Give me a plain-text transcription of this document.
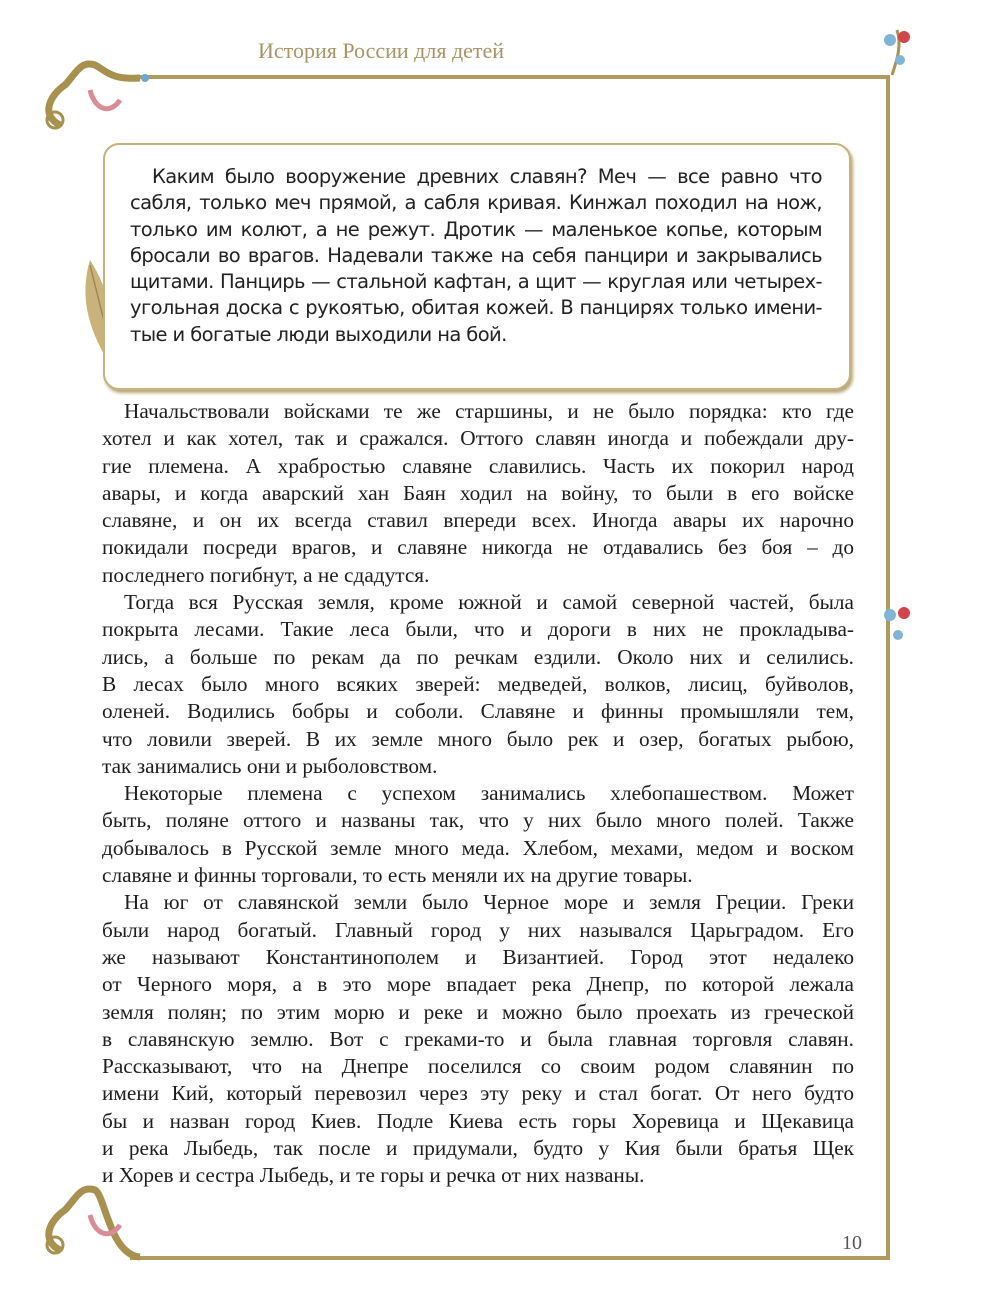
История России для детей
Каким было вооружение древних славян? Меч — все равно что
сабля, только меч прямой, а сабля кривая. Кинжал походил на нож,
только им колют, а не режут. Дротик — маленькое копье, которым
бросали во врагов. Надевали также на себя панцири и закрывались
щитами. Панцирь — стальной кафтан, а щит — круглая или четырех-
угольная доска с рукоятью, обитая кожей. В панцирях только имени-
тые и богатые люди выходили на бой.
Начальствовали войсками те же старшины, и не было порядка: кто где
хотел и как хотел, так и сражался. Оттого славян иногда и побеждали дру-
гие племена. А храбростью славяне славились. Часть их покорил народ
авары, и когда аварский хан Баян ходил на войну, то были в его войске
славяне, и он их всегда ставил впереди всех. Иногда авары их нарочно
покидали посреди врагов, и славяне никогда не отдавались без боя – до
последнего погибнут, а не сдадутся.
Тогда вся Русская земля, кроме южной и самой северной частей, была
покрыта лесами. Такие леса были, что и дороги в них не прокладыва-
лись, а больше по рекам да по речкам ездили. Около них и селились.
В лесах было много всяких зверей: медведей, волков, лисиц, буйволов,
оленей. Водились бобры и соболи. Славяне и финны промышляли тем,
что ловили зверей. В их земле много было рек и озер, богатых рыбою,
так занимались они и рыболовством.
Некоторые племена с успехом занимались хлебопашеством. Может
быть, поляне оттого и названы так, что у них было много полей. Также
добывалось в Русской земле много меда. Хлебом, мехами, медом и воском
славяне и финны торговали, то есть меняли их на другие товары.
На юг от славянской земли было Черное море и земля Греции. Греки
были народ богатый. Главный город у них назывался Царьградом. Его
же называют Константинополем и Византией. Город этот недалеко
от Черного моря, а в это море впадает река Днепр, по которой лежала
земля полян; по этим морю и реке и можно было проехать из греческой
в славянскую землю. Вот с греками-то и была главная торговля славян.
Рассказывают, что на Днепре поселился со своим родом славянин по
имени Кий, который перевозил через эту реку и стал богат. От него будто
бы и назван город Киев. Подле Киева есть горы Хоревица и Щекавица
и река Лыбедь, так после и придумали, будто у Кия были братья Щек
и Хорев и сестра Лыбедь, и те горы и речка от них названы.
10
